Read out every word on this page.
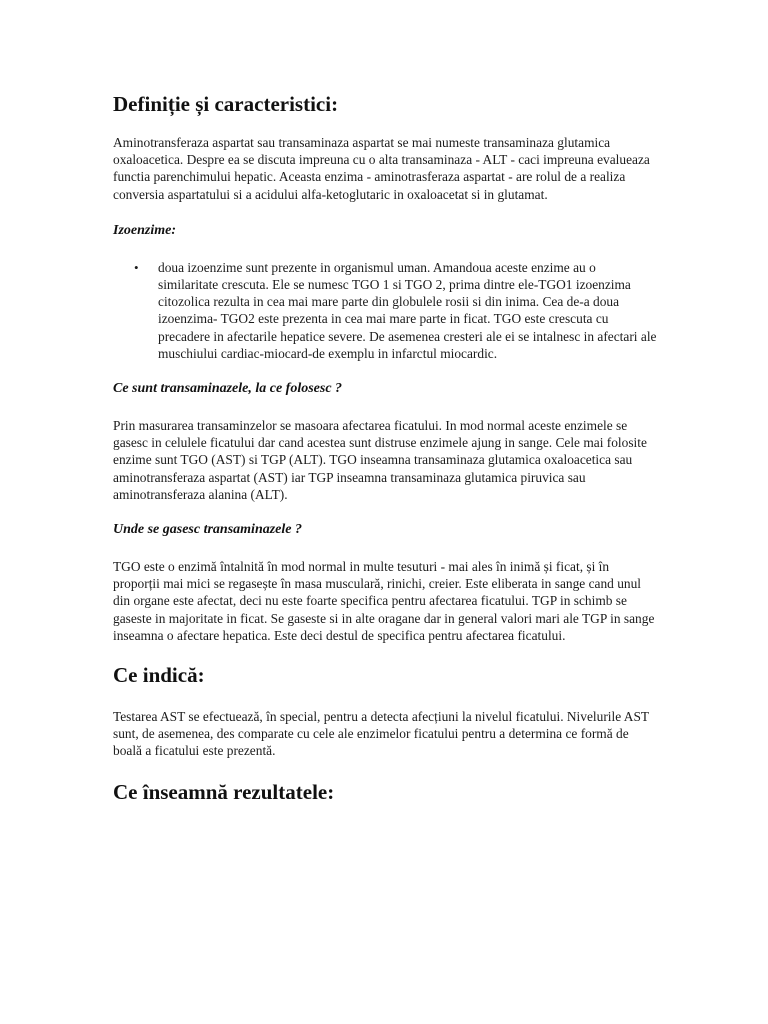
Definiție și caracteristici:

Aminotransferaza aspartat sau transaminaza aspartat se mai numeste transaminaza glutamica oxaloacetica. Despre ea se discuta impreuna cu o alta transaminaza - ALT - caci impreuna evalueaza functia parenchimului hepatic. Aceasta enzima - aminotrasferaza aspartat - are rolul de a realiza conversia aspartatului si a acidului alfa-ketoglutaric in oxaloacetat si in glutamat.

Izoenzime:
• doua izoenzime sunt prezente in organismul uman. Amandoua aceste enzime au o similaritate crescuta. Ele se numesc TGO 1 si TGO 2, prima dintre ele-TGO1 izoenzima citozolica rezulta in cea mai mare parte din globulele rosii si din inima. Cea de-a doua izoenzima- TGO2 este prezenta in cea mai mare parte in ficat. TGO este crescuta cu precadere in afectarile hepatice severe. De asemenea cresteri ale ei se intalnesc in afectari ale muschiului cardiac-miocard-de exemplu in infarctul miocardic.
Ce sunt transaminazele, la ce folosesc ?

Prin masurarea transaminzelor se masoara afectarea ficatului. In mod normal aceste enzimele se gasesc in celulele ficatului dar cand acestea sunt distruse enzimele ajung in sange. Cele mai folosite enzime sunt TGO (AST) si TGP (ALT). TGO inseamna transaminaza glutamica oxaloacetica sau aminotransferaza aspartat (AST) iar TGP inseamna transaminaza glutamica piruvica sau aminotransferaza alanina (ALT).

Unde se gasesc transaminazele ?

TGO este o enzimă întalnită în mod normal in multe tesuturi - mai ales în inimă și ficat, și în proporții mai mici se regasește în masa musculară, rinichi, creier. Este eliberata in sange cand unul din organe este afectat, deci nu este foarte specifica pentru afectarea ficatului. TGP in schimb se gaseste in majoritate in ficat. Se gaseste si in alte oragane dar in general valori mari ale TGP in sange inseamna o afectare hepatica. Este deci destul de specifica pentru afectarea ficatului.

Ce indică:

Testarea AST se efectuează, în special, pentru a detecta afecțiuni la nivelul ficatului. Nivelurile AST sunt, de asemenea, des comparate cu cele ale enzimelor ficatului pentru a determina ce formă de boală a ficatului este prezentă.

Ce înseamnă rezultatele:
